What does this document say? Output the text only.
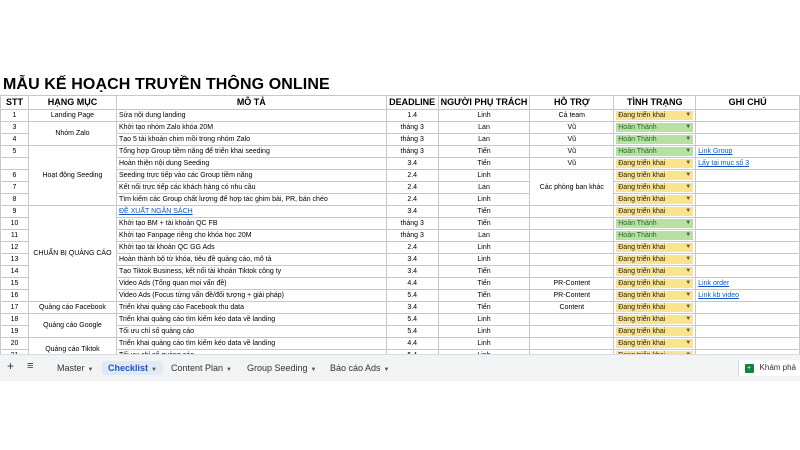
MẪU KẾ HOẠCH TRUYỀN THÔNG ONLINE
STT	HẠNG MỤC	MÔ TẢ	DEADLINE	NGƯỜI PHỤ TRÁCH	HỖ TRỢ	TÌNH TRẠNG	GHI CHÚ
1	Landing Page	Sửa nội dung landing	1.4	Linh	Cả team	Đang triển khai ▼	

3	Nhóm Zalo	Khởi tạo nhóm Zalo khóa 20M	tháng 3	Lan	Vũ	Hoàn Thành ▼	

4		Tạo 5 tài khoản chim mồi trong nhóm Zalo	tháng 3	Lan	Vũ	Hoàn Thành ▼	

5	Hoạt động Seeding	Tổng hợp Group tiềm năng để triển khai seeding	tháng 3	Tiến	Vũ	Hoàn Thành ▼	Link Group
		Hoàn thiện nội dung Seeding	3.4	Tiến	Vũ	Đang triển khai ▼	Lấy tại mục số 3
6		Seeding trực tiếp vào các Group tiềm năng	2.4	Linh	Các phòng ban khác	Đang triển khai ▼	

7		Kết nối trực tiếp các khách hàng có nhu cầu	2.4	Lan		Đang triển khai ▼	

8		Tìm kiếm các Group chất lượng để hợp tác ghim bài, PR, bán chéo	2.4	Linh		Đang triển khai ▼	

9	CHUẨN BỊ QUẢNG CÁO	ĐỀ XUẤT NGÂN SÁCH	3.4	Tiến		Đang triển khai ▼	

10		Khởi tạo BM + tài khoản QC FB	tháng 3	Tiến		Hoàn Thành ▼	

11		Khởi tạo Fanpage riêng cho khóa học 20M	tháng 3	Lan		Hoàn Thành ▼	

12		Khởi tạo tài khoản QC GG Ads	2.4	Linh		Đang triển khai ▼	

13		Hoàn thành bộ từ khóa, tiêu đề quảng cáo, mô tả	3.4	Linh		Đang triển khai ▼	

14		Tạo Tiktok Business, kết nối tài khoản Tiktok công ty	3.4	Tiến		Đang triển khai ▼	

15		Video Ads (Tổng quan mọi vấn đề)	4.4	Tiến	PR-Content	Đang triển khai ▼	Link order
16		Video Ads (Focus từng vấn đề/đối tượng + giải pháp)	5.4	Tiến	PR-Content	Đang triển khai ▼	Link kb video
17	Quảng cáo Facebook	Triển khai quảng cáo Facebook thu data	3.4	Tiến	Content	Đang triển khai ▼	

18	Quảng cáo Google	Triển khai quảng cáo tìm kiếm kéo data về landing	5.4	Linh		Đang triển khai ▼	

19		Tối ưu chỉ số quảng cáo	5.4	Linh		Đang triển khai ▼	

20	Quảng cáo Tiktok	Triển khai quảng cáo tìm kiếm kéo data về landing	4.4	Linh		Đang triển khai ▼	

+ ≡	Master ▼	Checklist ▼	Content Plan ▼ Group Seeding ▼ Báo cáo Ads ▼	+ Khám phá
